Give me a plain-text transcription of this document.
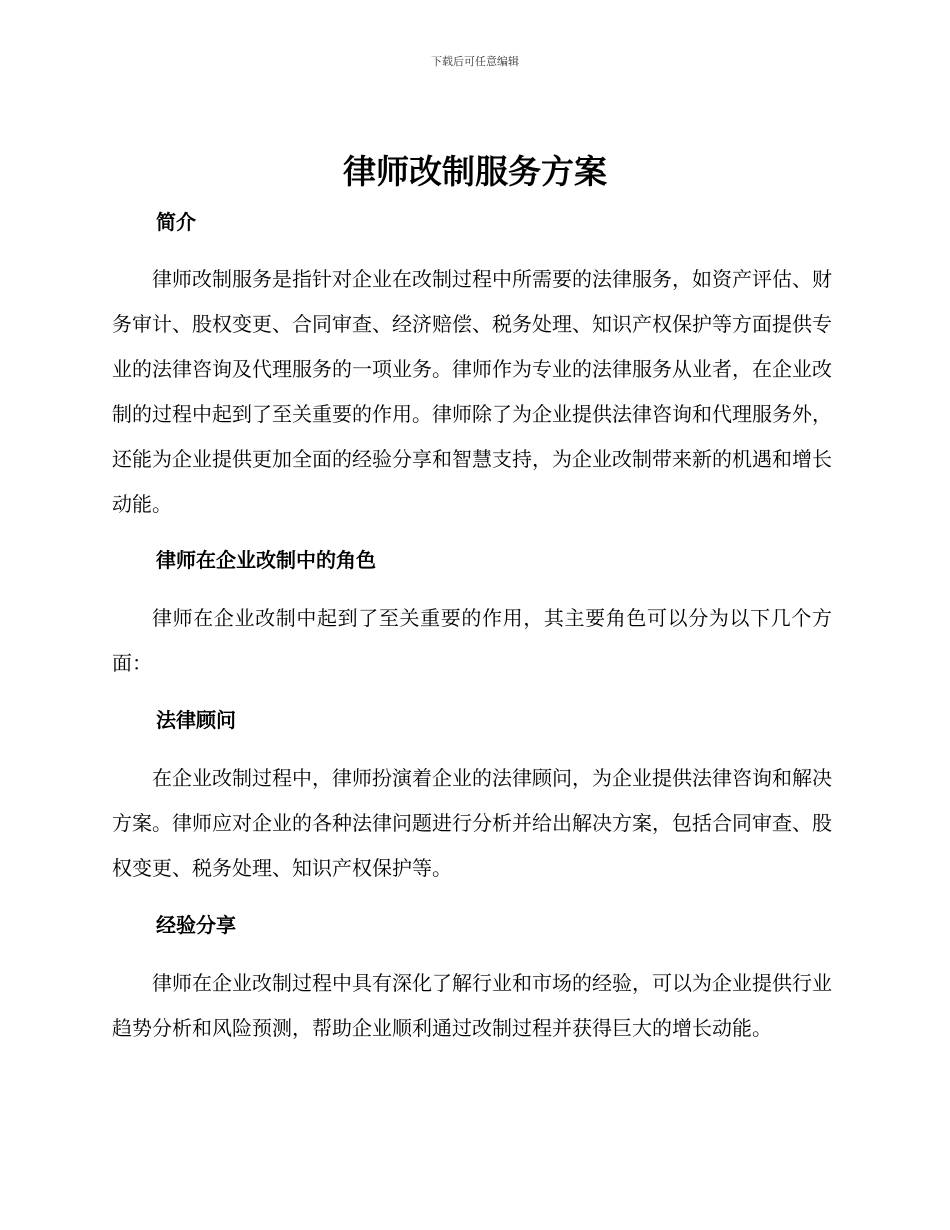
下载后可任意编辑
律师改制服务方案
简介

律师改制服务是指针对企业在改制过程中所需要的法律服务，如资产评估、财务审计、股权变更、合同审查、经济赔偿、税务处理、知识产权保护等方面提供专业的法律咨询及代理服务的一项业务。律师作为专业的法律服务从业者，在企业改制的过程中起到了至关重要的作用。律师除了为企业提供法律咨询和代理服务外，还能为企业提供更加全面的经验分享和智慧支持，为企业改制带来新的机遇和增长动能。

律师在企业改制中的角色

律师在企业改制中起到了至关重要的作用，其主要角色可以分为以下几个方面：

法律顾问

在企业改制过程中，律师扮演着企业的法律顾问，为企业提供法律咨询和解决方案。律师应对企业的各种法律问题进行分析并给出解决方案，包括合同审查、股权变更、税务处理、知识产权保护等。

经验分享

律师在企业改制过程中具有深化了解行业和市场的经验，可以为企业提供行业趋势分析和风险预测，帮助企业顺利通过改制过程并获得巨大的增长动能。
